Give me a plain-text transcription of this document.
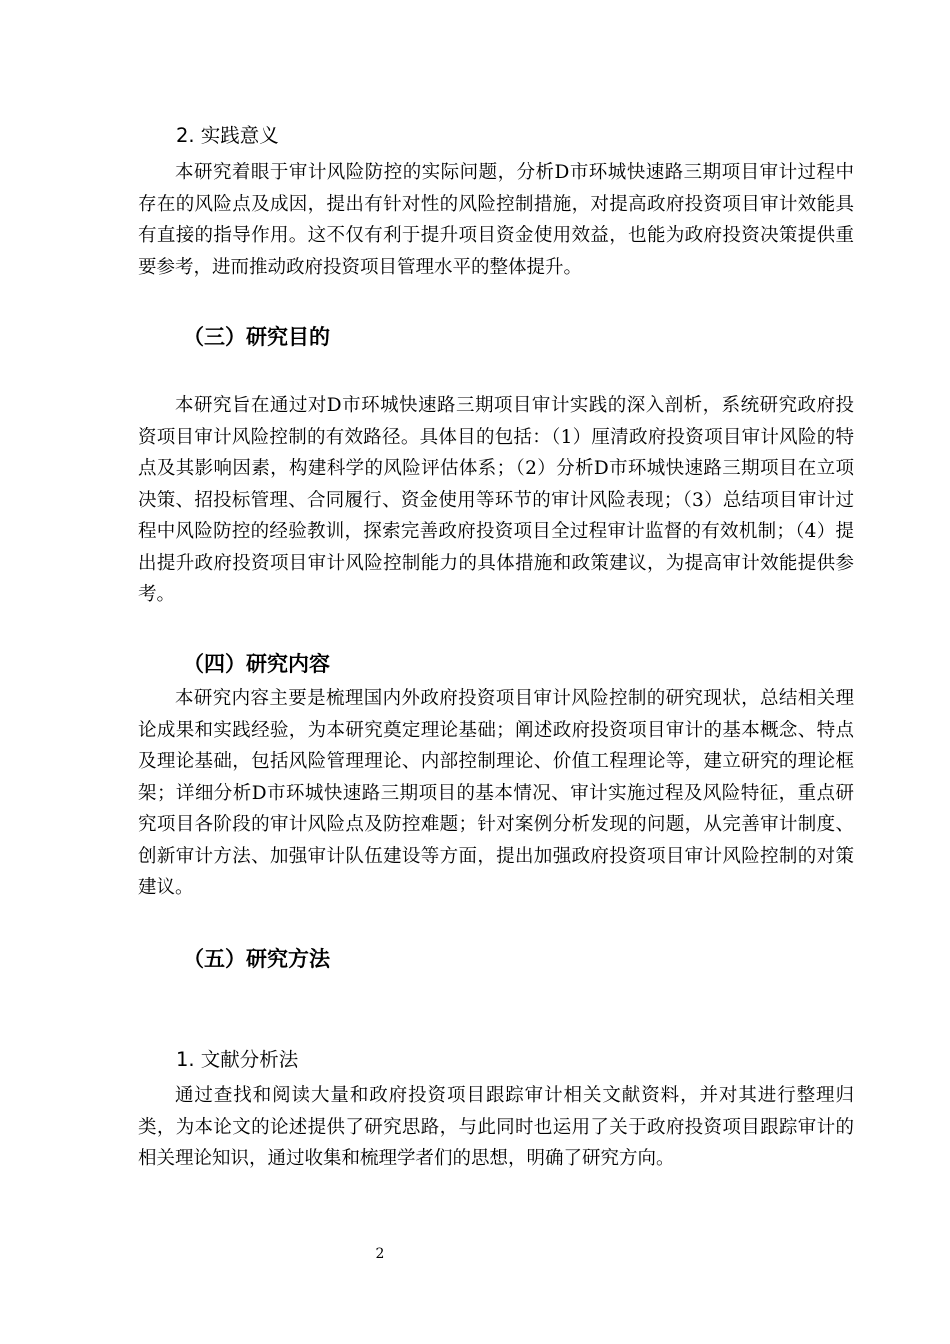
2. 实践意义

本研究着眼于审计风险防控的实际问题，分析D市环城快速路三期项目审计过程中存在的风险点及成因，提出有针对性的风险控制措施，对提高政府投资项目审计效能具有直接的指导作用。这不仅有利于提升项目资金使用效益，也能为政府投资决策提供重要参考，进而推动政府投资项目管理水平的整体提升。

（三）研究目的

本研究旨在通过对D市环城快速路三期项目审计实践的深入剖析，系统研究政府投资项目审计风险控制的有效路径。具体目的包括：（1）厘清政府投资项目审计风险的特点及其影响因素，构建科学的风险评估体系；（2）分析D市环城快速路三期项目在立项决策、招投标管理、合同履行、资金使用等环节的审计风险表现；（3）总结项目审计过程中风险防控的经验教训，探索完善政府投资项目全过程审计监督的有效机制；（4）提出提升政府投资项目审计风险控制能力的具体措施和政策建议，为提高审计效能提供参考。

（四）研究内容

本研究内容主要是梳理国内外政府投资项目审计风险控制的研究现状，总结相关理论成果和实践经验，为本研究奠定理论基础；阐述政府投资项目审计的基本概念、特点及理论基础，包括风险管理理论、内部控制理论、价值工程理论等，建立研究的理论框架；详细分析D市环城快速路三期项目的基本情况、审计实施过程及风险特征，重点研究项目各阶段的审计风险点及防控难题；针对案例分析发现的问题，从完善审计制度、创新审计方法、加强审计队伍建设等方面，提出加强政府投资项目审计风险控制的对策建议。

（五）研究方法
1. 文献分析法

通过查找和阅读大量和政府投资项目跟踪审计相关文献资料，并对其进行整理归类，为本论文的论述提供了研究思路，与此同时也运用了关于政府投资项目跟踪审计的相关理论知识，通过收集和梳理学者们的思想，明确了研究方向。

2
